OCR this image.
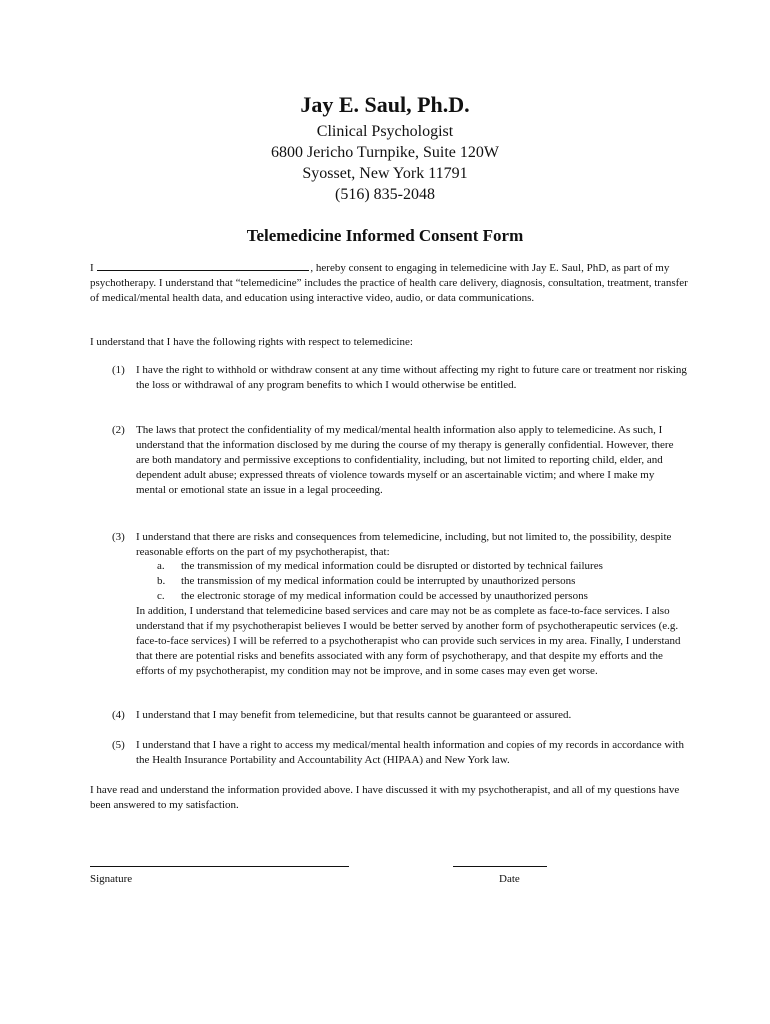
Jay E. Saul, Ph.D.
Clinical Psychologist
6800 Jericho Turnpike, Suite 120W
Syosset, New York 11791
(516) 835-2048
Telemedicine Informed Consent Form
I	, hereby consent to engaging in telemedicine with Jay E. Saul, PhD, as part of my psychotherapy. I understand that “telemedicine” includes the practice of health care delivery, diagnosis, consultation, treatment, transfer of medical/mental health data, and education using interactive video, audio, or data communications.
I understand that I have the following rights with respect to telemedicine:
(1) I have the right to withhold or withdraw consent at any time without affecting my right to future care or treatment nor risking the loss or withdrawal of any program benefits to which I would otherwise be entitled.
(2) The laws that protect the confidentiality of my medical/mental health information also apply to telemedicine. As such, I understand that the information disclosed by me during the course of my therapy is generally confidential. However, there are both mandatory and permissive exceptions to confidentiality, including, but not limited to reporting child, elder, and dependent adult abuse; expressed threats of violence towards myself or an ascertainable victim; and where I make my mental or emotional state an issue in a legal proceeding.
(3) I understand that there are risks and consequences from telemedicine, including, but not limited to, the possibility, despite reasonable efforts on the part of my psychotherapist, that:
a. the transmission of my medical information could be disrupted or distorted by technical failures
b. the transmission of my medical information could be interrupted by unauthorized persons
c. the electronic storage of my medical information could be accessed by unauthorized persons
In addition, I understand that telemedicine based services and care may not be as complete as face-to-face services. I also understand that if my psychotherapist believes I would be better served by another form of psychotherapeutic services (e.g. face-to-face services) I will be referred to a psychotherapist who can provide such services in my area. Finally, I understand that there are potential risks and benefits associated with any form of psychotherapy, and that despite my efforts and the efforts of my psychotherapist, my condition may not be improve, and in some cases may even get worse.
(4) I understand that I may benefit from telemedicine, but that results cannot be guaranteed or assured.
(5) I understand that I have a right to access my medical/mental health information and copies of my records in accordance with the Health Insurance Portability and Accountability Act (HIPAA) and New York law.
I have read and understand the information provided above. I have discussed it with my psychotherapist, and all of my questions have been answered to my satisfaction.
Signature	Date
